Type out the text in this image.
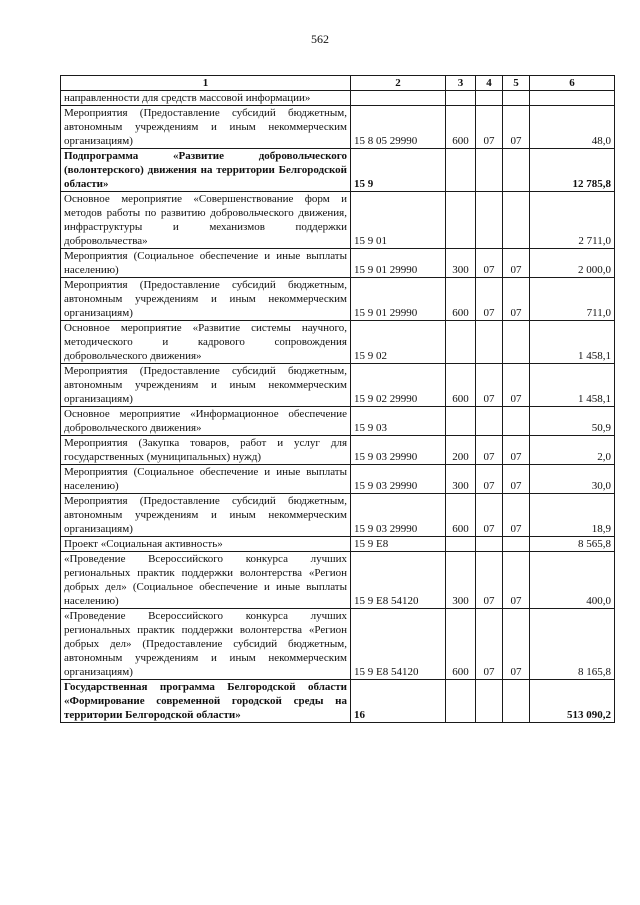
562
1	2	3	4	5	6
направленности для средств массовой информации»					
Мероприятия (Предоставление субсидий бюджетным, автономным учреждениям и иным некоммерческим организациям)	15 8 05 29990	600	07	07	48,0
Подпрограмма «Развитие добровольческого (волонтерского) движения на территории Белгородской области»	15 9				12 785,8
Основное мероприятие «Совершенствование форм и методов работы по развитию добровольческого движения, инфраструктуры и механизмов поддержки добровольчества»	15 9 01				2 711,0
Мероприятия (Социальное обеспечение и иные выплаты населению)	15 9 01 29990	300	07	07	2 000,0
Мероприятия (Предоставление субсидий бюджетным, автономным учреждениям и иным некоммерческим организациям)	15 9 01 29990	600	07	07	711,0
Основное мероприятие «Развитие системы научного, методического и кадрового сопровождения добровольческого движения»	15 9 02				1 458,1
Мероприятия (Предоставление субсидий бюджетным, автономным учреждениям и иным некоммерческим организациям)	15 9 02 29990	600	07	07	1 458,1
Основное мероприятие «Информационное обеспечение добровольческого движения»	15 9 03				50,9
Мероприятия (Закупка товаров, работ и услуг для государственных (муниципальных) нужд)	15 9 03 29990	200	07	07	2,0
Мероприятия (Социальное обеспечение и иные выплаты населению)	15 9 03 29990	300	07	07	30,0
Мероприятия (Предоставление субсидий бюджетным, автономным учреждениям и иным некоммерческим организациям)	15 9 03 29990	600	07	07	18,9
Проект «Социальная активность»	15 9 E8				8 565,8
«Проведение Всероссийского конкурса лучших региональных практик поддержки волонтерства «Регион добрых дел» (Социальное обеспечение и иные выплаты населению)	15 9 E8 54120	300	07	07	400,0
«Проведение Всероссийского конкурса лучших региональных практик поддержки волонтерства «Регион добрых дел» (Предоставление субсидий бюджетным, автономным учреждениям и иным некоммерческим организациям)	15 9 E8 54120	600	07	07	8 165,8
Государственная программа Белгородской области «Формирование современной городской среды на территории Белгородской области»	16				513 090,2
